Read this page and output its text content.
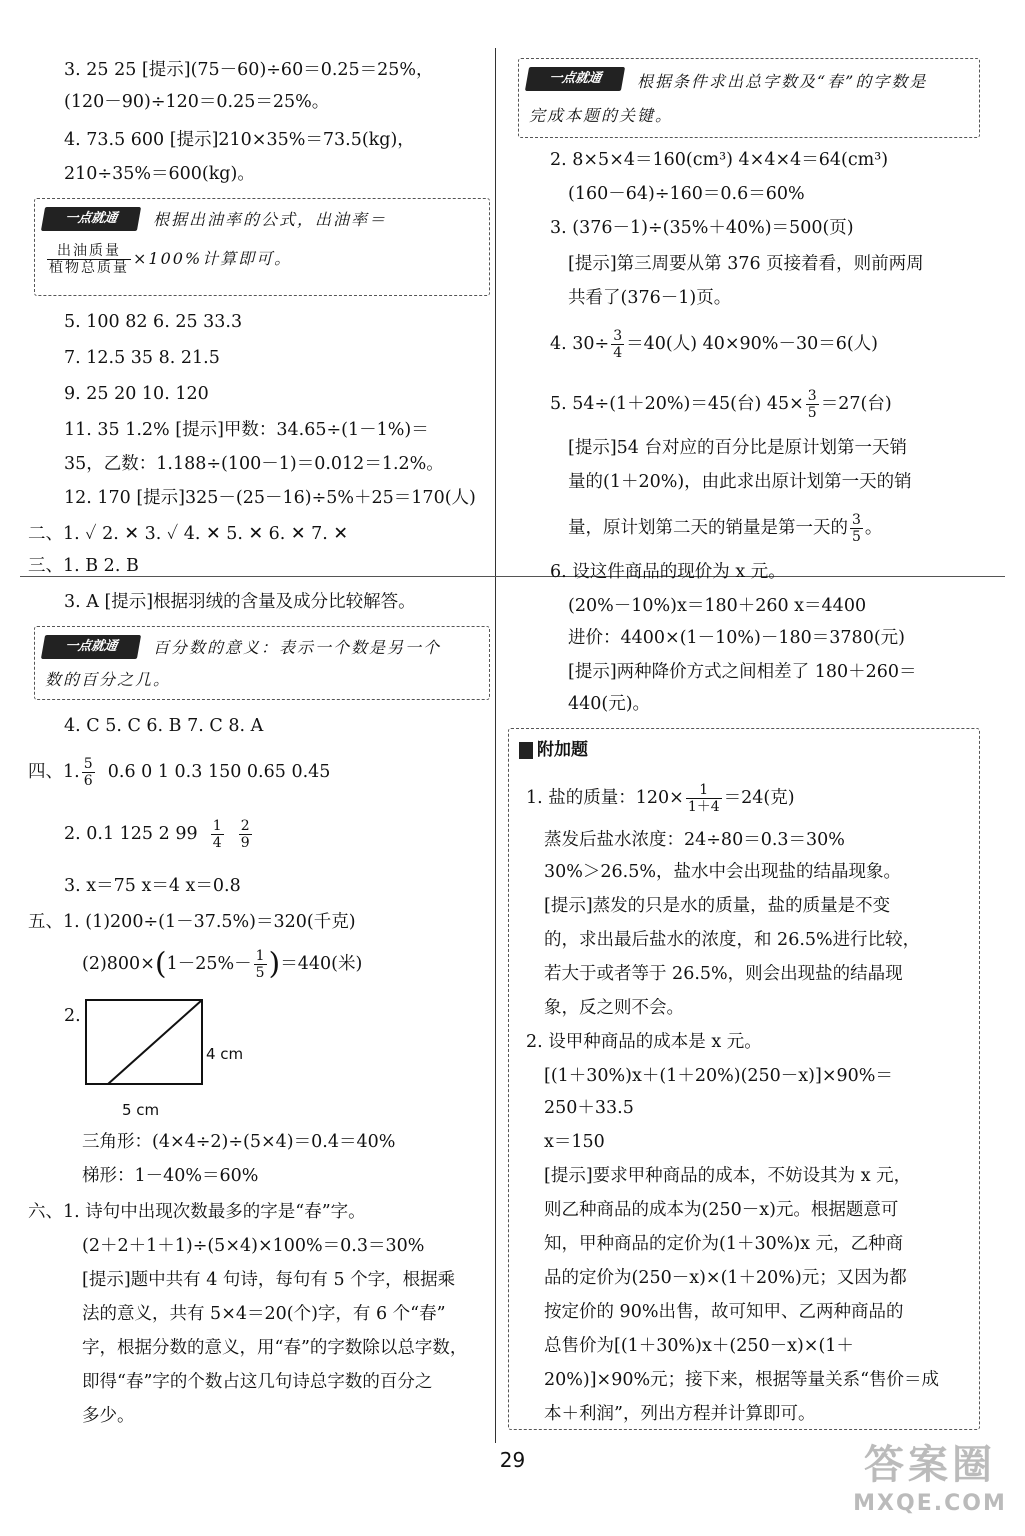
3. 25 25 [提示](75－60)÷60＝0.25＝25%，
(120－90)÷120＝0.25＝25%。
4. 73.5 600 [提示]210×35%＝73.5(kg)，
210÷35%＝600(kg)。
一点就通	根据出油率的公式，出油率＝
$\frac{\text{出油质量}}{\text{植物总质量}} \times 100\%$计算即可。
5. 100 82 6. 25 33.3
7. 12.5 35 8. 21.5
9. 25 20 10. 120
11. 35 1.2% [提示]甲数：34.65÷(1－1%)＝
35，乙数：1.188÷(100－1)＝0.012＝1.2%。
12. 170 [提示]325－(25－16)÷5%＋25＝170(人)
二、1. ✓ 2. ✕ 3. ✓ 4. ✕ 5. ✕ 6. ✕ 7. ✕
三、1. B 2. B
3. A [提示]根据羽绒的含量及成分比较解答。
一点就通	百分数的意义：表示一个数是另一个
数的百分之几。
4. C 5. C 6. B 7. C 8. A
四、1. $\frac{5}{6} 0.6$ 0 1 0.3 150 0.65 0.45
2. 0.1 125 2 $99 \frac{1}{4}$
$\frac{2}{9}$
3. x＝75 x＝4 x＝0.8
五、1. (1)200÷(1－37.5%)＝320(千克)
$(2)800\times(1-25\%- \frac{1}{5} )=440$(米)
2.
4 cm
5 cm
三角形：(4×4÷2)÷(5×4)＝0.4＝40%
梯形：1－40%＝60%
六、1. 诗句中出现次数最多的字是“春”字。
(2＋2＋1＋1)÷(5×4)×100%＝0.3＝30%
[提示]题中共有 4 句诗，每句有 5 个字，根据乘
法的意义，共有 5×4＝20(个)字，有 6 个“春”
字，根据分数的意义，用“春”的字数除以总字数，
即得“春”字的个数占这几句诗总字数的百分之
多少。
一点就通	根据条件求出总字数及“春”的字数是
完成本题的关键。
2. 8×5×4＝160(cm³) 4×4×4＝64(cm³)
(160－64)÷160＝0.6＝60%
3. (376－1)÷(35%＋40%)＝500(页)
[提示]第三周要从第 376 页接着看，则前两周
共看了(376－1)页。
4. $30\div \frac{3}{4} =40$(人) 40×90%－30＝6(人)
5. 54÷(1＋20%)＝45(台) $45\times \frac{3}{5} =27$(台)
[提示]54 台对应的百分比是原计划第一天销
量的(1＋20%)，由此求出原计划第一天的销
量，原计划第二天的销量是第一天的 $\frac{3}{5}$ 。
6. 设这件商品的现价为 x 元。
(20%－10%)x＝180＋260 x＝4400
进价：4400×(1－10%)－180＝3780(元)
[提示]两种降价方式之间相差了 180＋260＝
440(元)。
附加题
1. 盐的质量：$120\times \frac{1}{1+4} =24$(克)
蒸发后盐水浓度：24÷80＝0.3＝30%
30%＞26.5%，盐水中会出现盐的结晶现象。
[提示]蒸发的只是水的质量，盐的质量是不变
的，求出最后盐水的浓度，和 26.5%进行比较，
若大于或者等于 26.5%，则会出现盐的结晶现
象，反之则不会。
2. 设甲种商品的成本是 x 元。
[(1＋30%)x＋(1＋20%)(250－x)]×90%＝
250＋33.5
x＝150
[提示]要求甲种商品的成本，不妨设其为 x 元，
则乙种商品的成本为(250－x)元。根据题意可
知，甲种商品的定价为(1＋30%)x 元，乙种商
品的定价为(250－x)×(1＋20%)元；又因为都
按定价的 90%出售，故可知甲、乙两种商品的
总售价为[(1＋30%)x＋(250－x)×(1＋
20%)]×90%元；接下来，根据等量关系“售价＝成
本＋利润”，列出方程并计算即可。
29	答案圈
MXQE.COM
